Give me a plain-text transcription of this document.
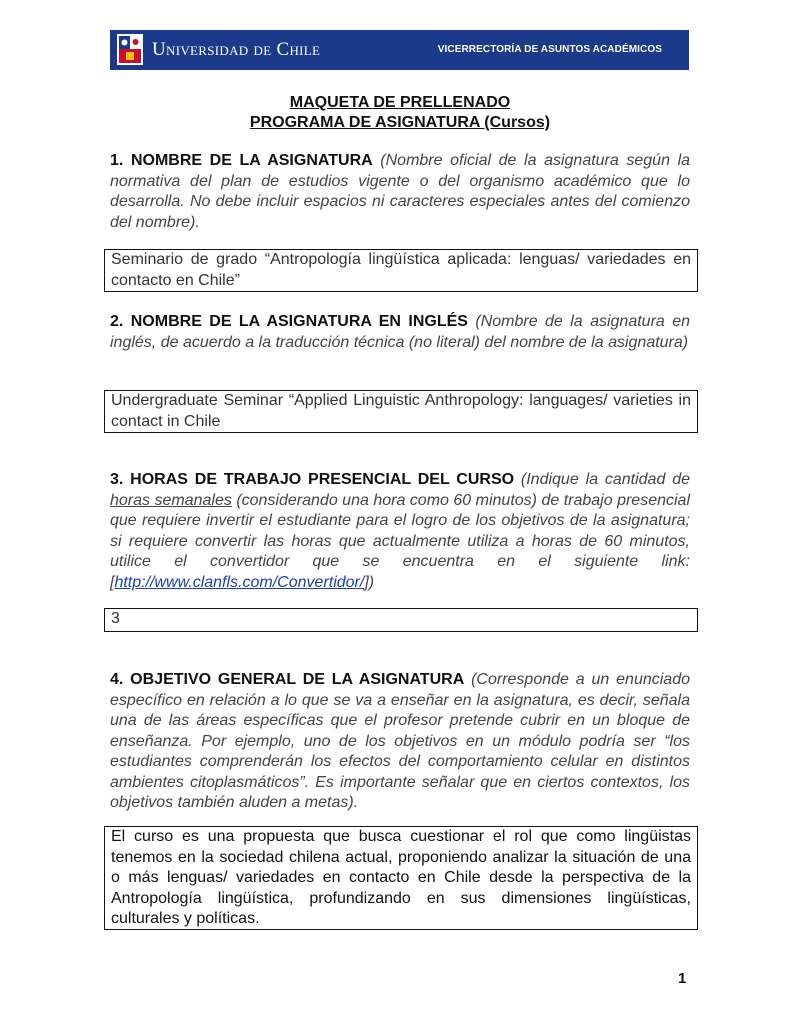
Universidad de Chile	VICERRECTORÍA DE ASUNTOS ACADÉMICOS
MAQUETA DE PRELLENADO
PROGRAMA DE ASIGNATURA (Cursos)
1. NOMBRE DE LA ASIGNATURA (Nombre oficial de la asignatura según la normativa del plan de estudios vigente o del organismo académico que lo desarrolla. No debe incluir espacios ni caracteres especiales antes del comienzo del nombre).
Seminario de grado “Antropología lingüística aplicada: lenguas/ variedades en contacto en Chile”
2. NOMBRE DE LA ASIGNATURA EN INGLÉS (Nombre de la asignatura en inglés, de acuerdo a la traducción técnica (no literal) del nombre de la asignatura)
Undergraduate Seminar “Applied Linguistic Anthropology: languages/ varieties in contact in Chile
3. HORAS DE TRABAJO PRESENCIAL DEL CURSO (Indique la cantidad de horas semanales (considerando una hora como 60 minutos) de trabajo presencial que requiere invertir el estudiante para el logro de los objetivos de la asignatura; si requiere convertir las horas que actualmente utiliza a horas de 60 minutos, utilice el convertidor que se encuentra en el siguiente link: [http://www.clanfls.com/Convertidor/])
3
4. OBJETIVO GENERAL DE LA ASIGNATURA (Corresponde a un enunciado específico en relación a lo que se va a enseñar en la asignatura, es decir, señala una de las áreas específicas que el profesor pretende cubrir en un bloque de enseñanza. Por ejemplo, uno de los objetivos en un módulo podría ser “los estudiantes comprenderán los efectos del comportamiento celular en distintos ambientes citoplasmáticos”. Es importante señalar que en ciertos contextos, los objetivos también aluden a metas).
El curso es una propuesta que busca cuestionar el rol que como lingüistas tenemos en la sociedad chilena actual, proponiendo analizar la situación de una o más lenguas/ variedades en contacto en Chile desde la perspectiva de la Antropología lingüística, profundizando en sus dimensiones lingüísticas, culturales y políticas.
1
